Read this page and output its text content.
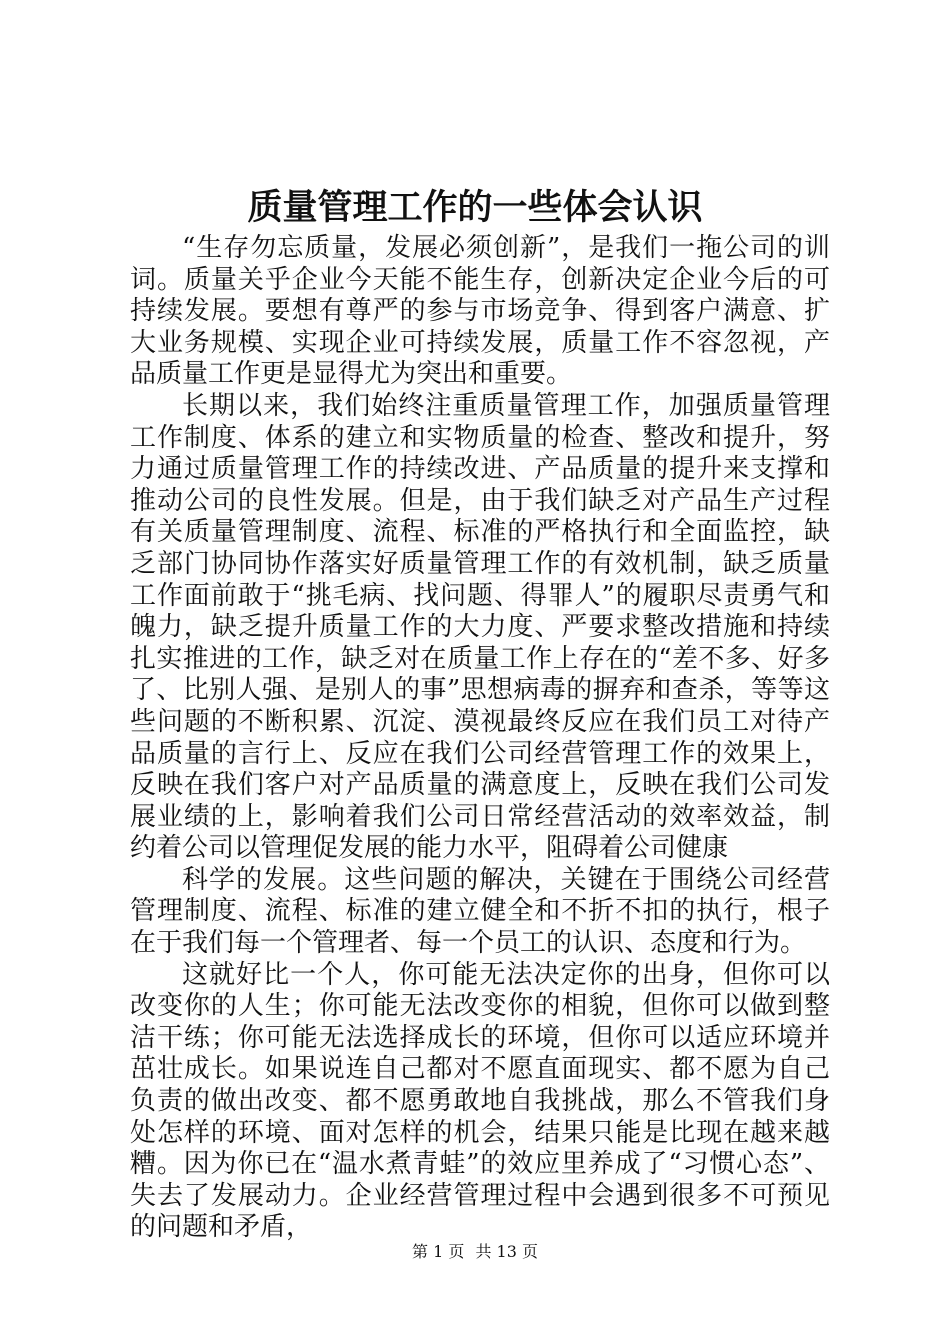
质量管理工作的一些体会认识

“生存勿忘质量，发展必须创新”，是我们一拖公司的训词。质量关乎企业今天能不能生存，创新决定企业今后的可持续发展。要想有尊严的参与市场竞争、得到客户满意、扩大业务规模、实现企业可持续发展，质量工作不容忽视，产品质量工作更是显得尤为突出和重要。

长期以来，我们始终注重质量管理工作，加强质量管理工作制度、体系的建立和实物质量的检查、整改和提升，努力通过质量管理工作的持续改进、产品质量的提升来支撑和推动公司的良性发展。但是，由于我们缺乏对产品生产过程有关质量管理制度、流程、标准的严格执行和全面监控，缺乏部门协同协作落实好质量管理工作的有效机制，缺乏质量工作面前敢于“挑毛病、找问题、得罪人”的履职尽责勇气和魄力，缺乏提升质量工作的大力度、严要求整改措施和持续扎实推进的工作，缺乏对在质量工作上存在的“差不多、好多了、比别人强、是别人的事”思想病毒的摒弃和查杀，等等这些问题的不断积累、沉淀、漠视最终反应在我们员工对待产品质量的言行上、反应在我们公司经营管理工作的效果上，反映在我们客户对产品质量的满意度上，反映在我们公司发展业绩的上，影响着我们公司日常经营活动的效率效益，制约着公司以管理促发展的能力水平，阻碍着公司健康

科学的发展。这些问题的解决，关键在于围绕公司经营管理制度、流程、标准的建立健全和不折不扣的执行，根子在于我们每一个管理者、每一个员工的认识、态度和行为。

这就好比一个人，你可能无法决定你的出身，但你可以改变你的人生；你可能无法改变你的相貌，但你可以做到整洁干练；你可能无法选择成长的环境，但你可以适应环境并茁壮成长。如果说连自己都对不愿直面现实、都不愿为自己负责的做出改变、都不愿勇敢地自我挑战，那么不管我们身处怎样的环境、面对怎样的机会，结果只能是比现在越来越糟。因为你已在“温水煮青蛙”的效应里养成了“习惯心态”、失去了发展动力。企业经营管理过程中会遇到很多不可预见的问题和矛盾，

第 1 页 共 13 页
